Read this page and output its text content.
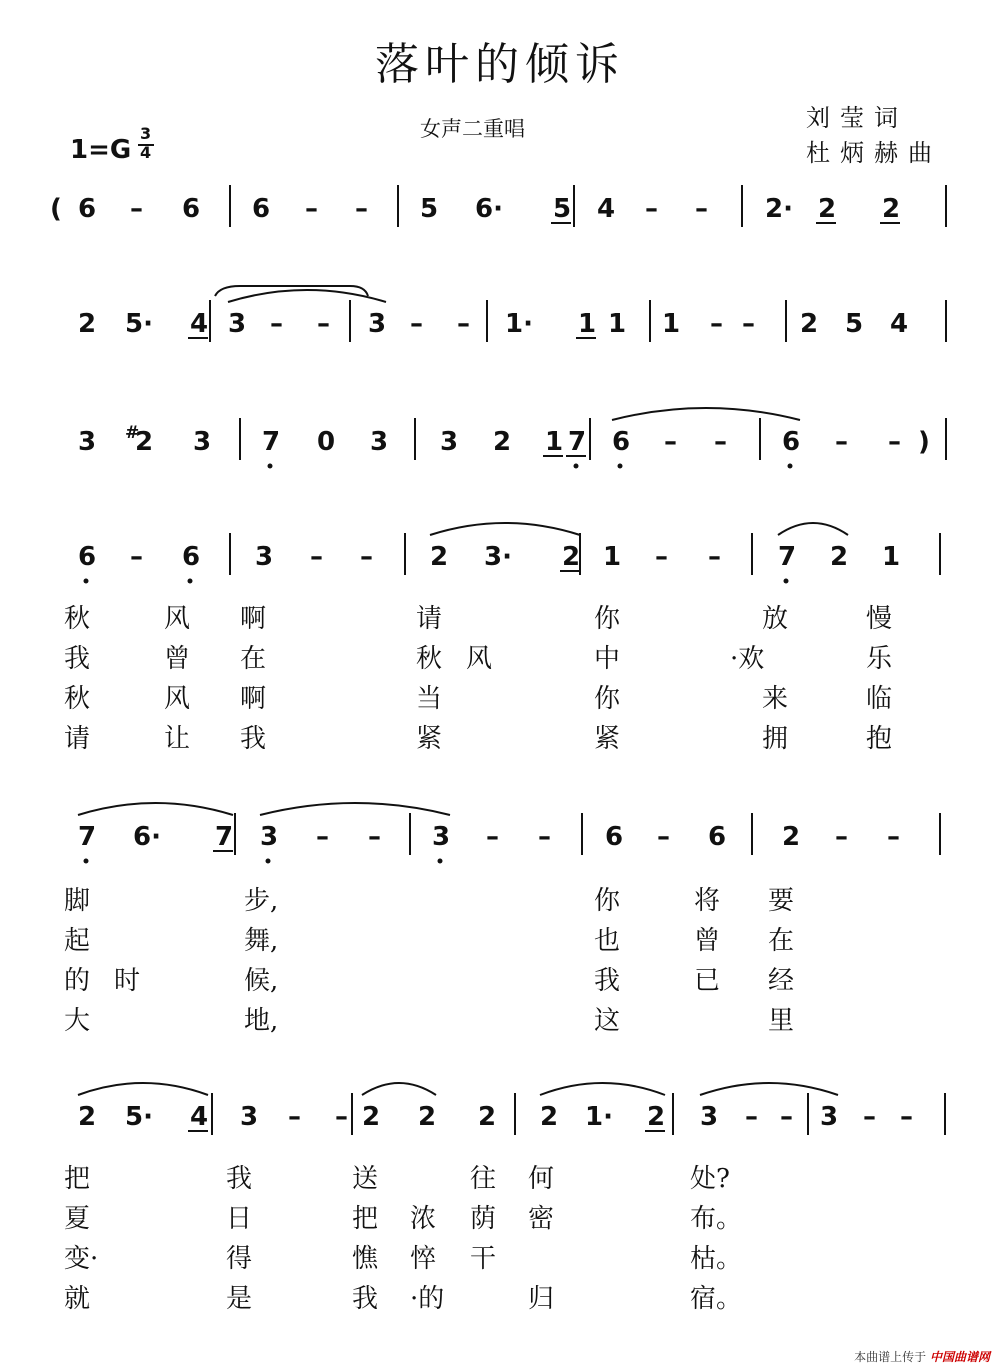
落叶的倾诉
女声二重唱	刘莹词
杜炳赫曲
1=G
3
4
( 6 – 6 6 – – 5 6· 5 4 – – 2· 2 2
2 5· 4 3 – – 3 – – 1· 1 1 1 – – 2 5 4
3 #
2 3 7 0 3 3 2 1 7 6 – – 6 – – )
6 – 6 3 – – 2 3· 2 1 – – 7 2 1
7 6· 7 3 – – 3 – – 6 – 6 2 – –
2 5· 4 3 – – 2 2 2 2 1· 2 3 – – 3 – –
秋	风 啊	请	你	放	慢
我	曾 在	秋 风	中	·欢	乐
秋	风 啊	当	你	来	临
请	让 我	紧	紧	拥	抱
脚	步,	你	将 要
起	舞,	也	曾 在
的 时	候,	我	已 经
大	地,	这	里
把	我	送	往 何	处?
夏	日	把 浓 荫 密	布。
变·	得	憔 悴 干	枯。
就	是	我 ·的	归	宿。
本曲谱上传于 中国曲谱网
